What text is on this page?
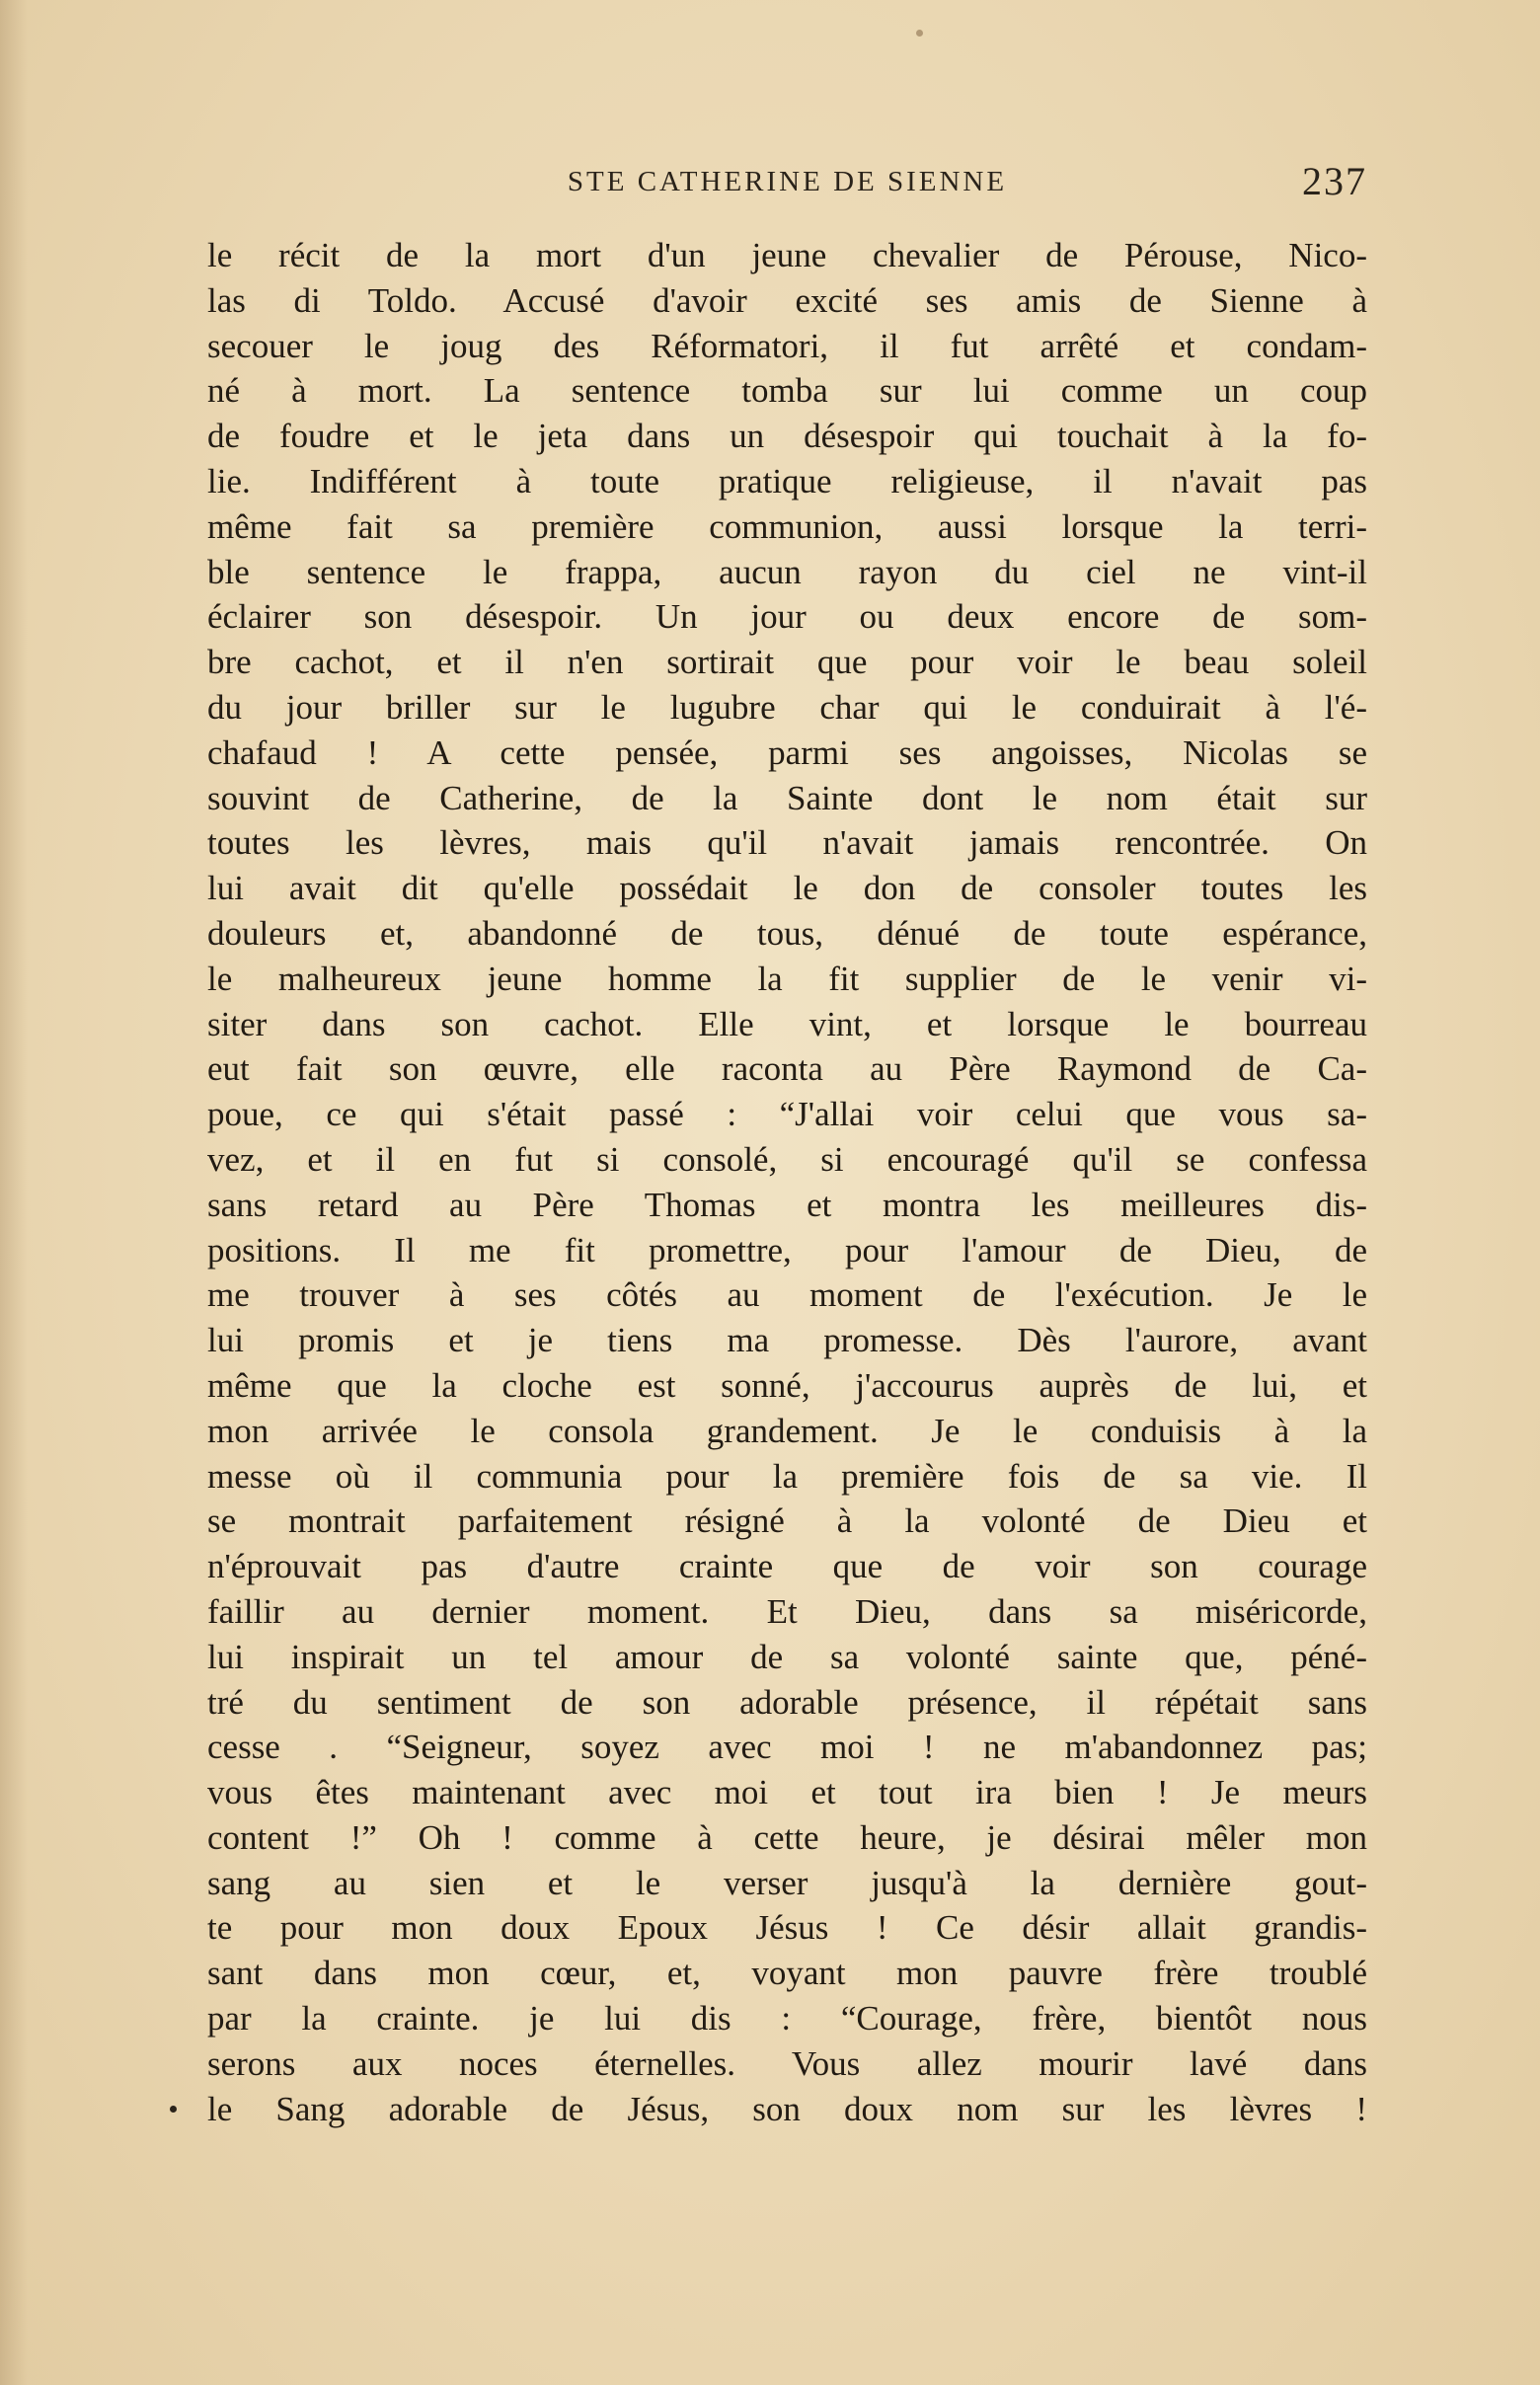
STE CATHERINE DE SIENNE	237
le récit de la mort d'un jeune chevalier de Pérouse, Nico-
las di Toldo. Accusé d'avoir excité ses amis de Sienne à
secouer le joug des Réformatori, il fut arrêté et condam-
né à mort. La sentence tomba sur lui comme un coup
de foudre et le jeta dans un désespoir qui touchait à la fo-
lie. Indifférent à toute pratique religieuse, il n'avait pas
même fait sa première communion, aussi lorsque la terri-
ble sentence le frappa, aucun rayon du ciel ne vint-il
éclairer son désespoir. Un jour ou deux encore de som-
bre cachot, et il n'en sortirait que pour voir le beau soleil
du jour briller sur le lugubre char qui le conduirait à l'é-
chafaud ! A cette pensée, parmi ses angoisses, Nicolas se
souvint de Catherine, de la Sainte dont le nom était sur
toutes les lèvres, mais qu'il n'avait jamais rencontrée. On
lui avait dit qu'elle possédait le don de consoler toutes les
douleurs et, abandonné de tous, dénué de toute espérance,
le malheureux jeune homme la fit supplier de le venir vi-
siter dans son cachot. Elle vint, et lorsque le bourreau
eut fait son œuvre, elle raconta au Père Raymond de Ca-
poue, ce qui s'était passé : “J'allai voir celui que vous sa-
vez, et il en fut si consolé, si encouragé qu'il se confessa
sans retard au Père Thomas et montra les meilleures dis-
positions. Il me fit promettre, pour l'amour de Dieu, de
me trouver à ses côtés au moment de l'exécution. Je le
lui promis et je tiens ma promesse. Dès l'aurore, avant
même que la cloche est sonné, j'accourus auprès de lui, et
mon arrivée le consola grandement. Je le conduisis à la
messe où il communia pour la première fois de sa vie. Il
se montrait parfaitement résigné à la volonté de Dieu et
n'éprouvait pas d'autre crainte que de voir son courage
faillir au dernier moment. Et Dieu, dans sa miséricorde,
lui inspirait un tel amour de sa volonté sainte que, péné-
tré du sentiment de son adorable présence, il répétait sans
cesse . “Seigneur, soyez avec moi ! ne m'abandonnez pas;
vous êtes maintenant avec moi et tout ira bien ! Je meurs
content !” Oh ! comme à cette heure, je désirai mêler mon
sang au sien et le verser jusqu'à la dernière gout-
te pour mon doux Epoux Jésus ! Ce désir allait grandis-
sant dans mon cœur, et, voyant mon pauvre frère troublé
par la crainte. je lui dis : “Courage, frère, bientôt nous
serons aux noces éternelles. Vous allez mourir lavé dans
le Sang adorable de Jésus, son doux nom sur les lèvres !
